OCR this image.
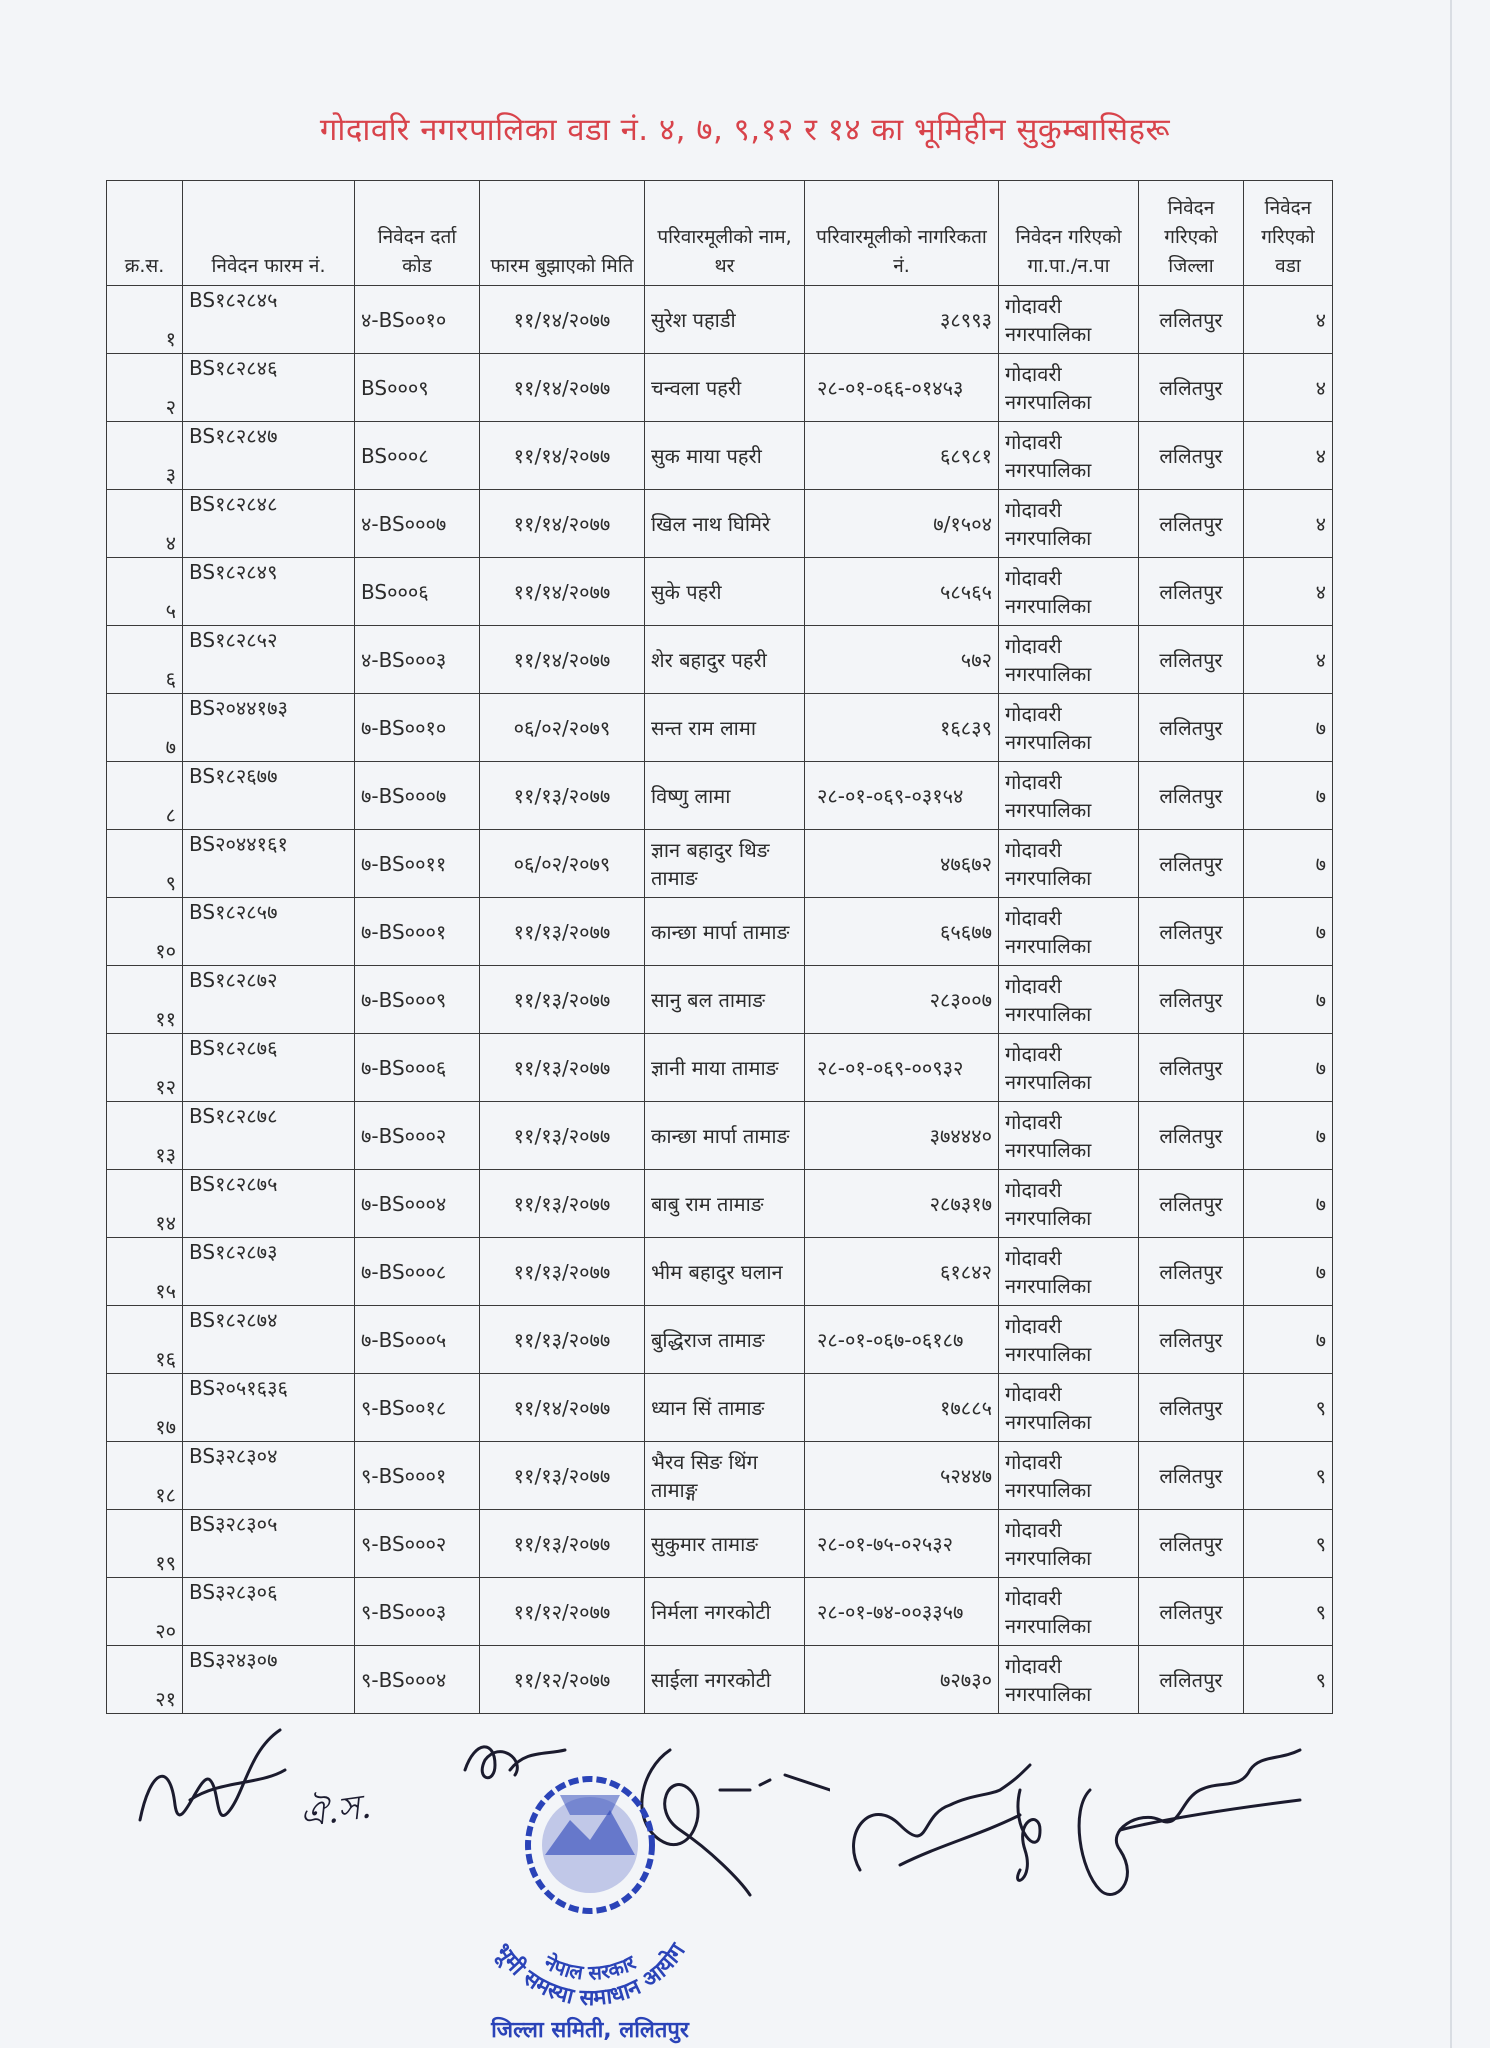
गोदावरि नगरपालिका वडा नं. ४, ७, ९,१२ र १४ का भूमिहीन सुकुम्बासिहरू
क्र.स.	निवेदन फारम नं.	निवेदन दर्ता कोड	फारम बुझाएको मिति	परिवारमूलीको नाम, थर	परिवारमूलीको नागरिकता नं.	निवेदन गरिएको गा.पा./न.पा	निवेदन गरिएको जिल्ला	निवेदन गरिएको वडा
१	BS१८२८४५	४-BS००१०	११/१४/२०७७	सुरेश पहाडी	३८९९३	गोदावरी नगरपालिका	ललितपुर	४
२	BS१८२८४६	BS०००९	११/१४/२०७७	चन्वला पहरी	२८-०१-०६६-०१४५३	गोदावरी नगरपालिका	ललितपुर	४
३	BS१८२८४७	BS०००८	११/१४/२०७७	सुक माया पहरी	६८९८१	गोदावरी नगरपालिका	ललितपुर	४
४	BS१८२८४८	४-BS०००७	११/१४/२०७७	खिल नाथ घिमिरे	७/१५०४	गोदावरी नगरपालिका	ललितपुर	४
५	BS१८२८४९	BS०००६	११/१४/२०७७	सुके पहरी	५८५६५	गोदावरी नगरपालिका	ललितपुर	४
६	BS१८२८५२	४-BS०००३	११/१४/२०७७	शेर बहादुर पहरी	५७२	गोदावरी नगरपालिका	ललितपुर	४
७	BS२०४४१७३	७-BS००१०	०६/०२/२०७९	सन्त राम लामा	१६८३९	गोदावरी नगरपालिका	ललितपुर	७
८	BS१८२६७७	७-BS०००७	११/१३/२०७७	विष्णु लामा	२८-०१-०६९-०३१५४	गोदावरी नगरपालिका	ललितपुर	७
९	BS२०४४१६१	७-BS००११	०६/०२/२०७९	ज्ञान बहादुर थिङ तामाङ	४७६७२	गोदावरी नगरपालिका	ललितपुर	७
१०	BS१८२८५७	७-BS०००१	११/१३/२०७७	कान्छा मार्पा तामाङ	६५६७७	गोदावरी नगरपालिका	ललितपुर	७
११	BS१८२८७२	७-BS०००९	११/१३/२०७७	सानु बल तामाङ	२८३००७	गोदावरी नगरपालिका	ललितपुर	७
१२	BS१८२८७६	७-BS०००६	११/१३/२०७७	ज्ञानी माया तामाङ	२८-०१-०६९-००९३२	गोदावरी नगरपालिका	ललितपुर	७
१३	BS१८२८७८	७-BS०००२	११/१३/२०७७	कान्छा मार्पा तामाङ	३७४४४०	गोदावरी नगरपालिका	ललितपुर	७
१४	BS१८२८७५	७-BS०००४	११/१३/२०७७	बाबु राम तामाङ	२८७३१७	गोदावरी नगरपालिका	ललितपुर	७
१५	BS१८२८७३	७-BS०००८	११/१३/२०७७	भीम बहादुर घलान	६१८४२	गोदावरी नगरपालिका	ललितपुर	७
१६	BS१८२८७४	७-BS०००५	११/१३/२०७७	बुद्धिराज तामाङ	२८-०१-०६७-०६१८७	गोदावरी नगरपालिका	ललितपुर	७
१७	BS२०५१६३६	९-BS००१८	११/१४/२०७७	ध्यान सिं तामाङ	१७८८५	गोदावरी नगरपालिका	ललितपुर	९
१८	BS३२८३०४	९-BS०००१	११/१३/२०७७	भैरव सिङ थिंग तामाङ्ग	५२४४७	गोदावरी नगरपालिका	ललितपुर	९
१९	BS३२८३०५	९-BS०००२	११/१३/२०७७	सुकुमार तामाङ	२८-०१-७५-०२५३२	गोदावरी नगरपालिका	ललितपुर	९
२०	BS३२८३०६	९-BS०००३	११/१२/२०७७	निर्मला नगरकोटी	२८-०१-७४-००३३५७	गोदावरी नगरपालिका	ललितपुर	९
२१	BS३२४३०७	९-BS०००४	११/१२/२०७७	साईला नगरकोटी	७२७३०	गोदावरी नगरपालिका	ललितपुर	९
ঐ.স.
नेपाल सरकार
भूमी समस्या समाधान आयोग
जिल्ला समिती, ललितपुर
